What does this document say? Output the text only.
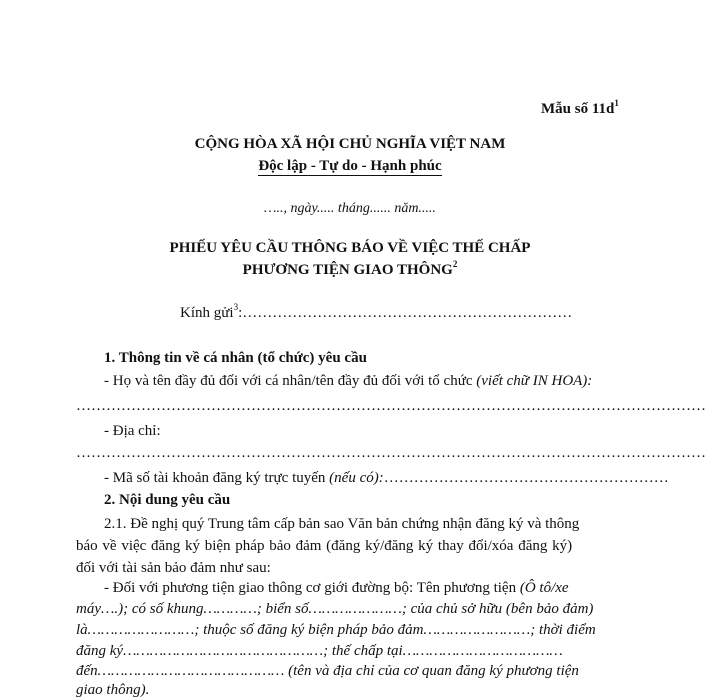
Mẫu số $11d^1$
CỘNG HÒA XÃ HỘI CHỦ NGHĨA VIỆT NAM
Độc lập - Tự do - Hạnh phúc
….., ngày..... tháng...... năm.....
PHIẾU YÊU CẦU THÔNG BÁO VỀ VIỆC THẾ CHẤP
PHƯƠNG TIỆN GIAO THÔNG$^2$
Kính gửi$^3$:…………………………………………………………
1. Thông tin về cá nhân (tổ chức) yêu cầu
- Họ và tên đầy đủ đối với cá nhân/tên đầy đủ đối với tổ chức (viết chữ IN HOA):
………………………………………………………………………………………………………………
- Địa chỉ:
………………………………………………………………………………………………………………
- Mã số tài khoản đăng ký trực tuyến (nếu có):…………………………………………………
2. Nội dung yêu cầu
2.1. Đề nghị quý Trung tâm cấp bản sao Văn bản chứng nhận đăng ký và thông
báo về việc đăng ký biện pháp bảo đảm (đăng ký/đăng ký thay đổi/xóa đăng ký)
đối với tài sản bảo đảm như sau:
- Đối với phương tiện giao thông cơ giới đường bộ: Tên phương tiện (Ô tô/xe
máy….); có số khung…………; biển số…………………; của chủ sở hữu (bên bảo đảm)
là……………………; thuộc số đăng ký biện pháp bảo đảm……………………; thời điểm
đăng ký………………………………………; thế chấp tại………………………………
đến…………………………………… (tên và địa chỉ của cơ quan đăng ký phương tiện
giao thông).
